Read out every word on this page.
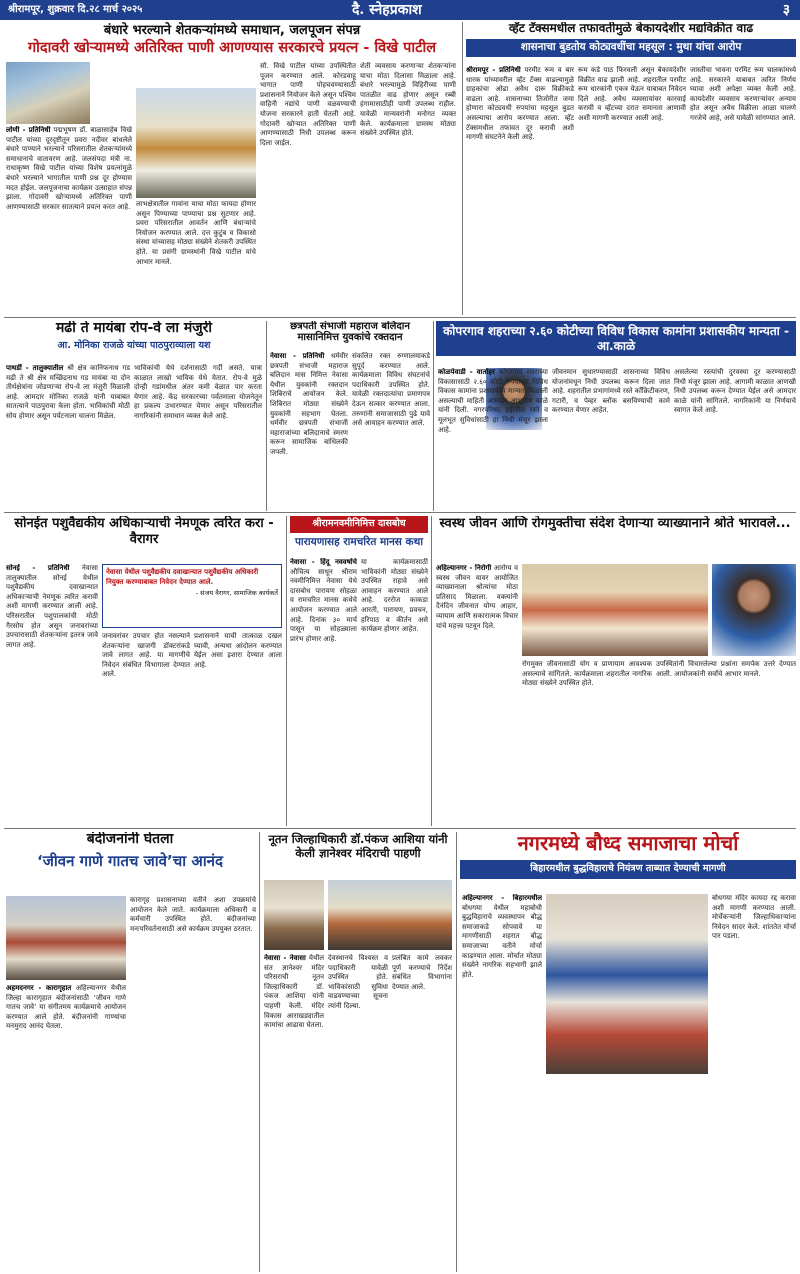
श्रीरामपूर, शुक्रवार दि.२८ मार्च २०२५	दै. स्नेहप्रकाश	३
बंधारे भरल्याने शेतकऱ्यांमध्ये समाधान, जलपूजन संपन्न
गोदावरी खोऱ्यामध्ये अतिरिक्त पाणी आणण्यास सरकारचे प्रयत्न - विखे पाटील
लोणी - प्रतिनिधी पद्मभूषण डॉ. बाळासाहेब विखे पाटील यांच्या दूरदृष्टीतून प्रवरा नदीवर बांधलेले बंधारे पाण्याने भरल्याने परिसरातील शेतकऱ्यांमध्ये समाधानाचे वातावरण आहे. जलसंपदा मंत्री ना. राधाकृष्ण विखे पाटील यांच्या विशेष प्रयत्नांमुळे बंधारे भरल्याने भागातील पाणी प्रश्न दूर होण्यास मदत होईल. जलपूजनाचा कार्यक्रम उत्साहात संपन्न झाला. गोदावरी खोऱ्यामध्ये अतिरिक्त पाणी आणण्यासाठी सरकार सातत्याने प्रयत्न करत आहे. लाभक्षेत्रातील गावांना याचा मोठा फायदा होणार असून पिण्याच्या पाण्याचा प्रश्न सुटणार आहे. प्रवरा परिसरातील आवर्तन आणि बंधाऱ्यांचे नियोजन करण्यात आले. दत्त कुटुंब व विकासो संस्था यांच्यासह मोठ्या संख्येने शेतकरी उपस्थित होते. या प्रसंगी ग्रामस्थांनी विखे पाटील यांचे आभार मानले.
सौ. विखे पाटील यांच्या उपस्थितीत पूजन करण्यात आले. कोरडवाहू भागात पाणी पोहचवण्यासाठी प्रशासनाने नियोजन केले असून पश्चिम वाहिनी नद्यांचे पाणी वळवण्याची योजना सरकारने हाती घेतली आहे. गोदावरी खोऱ्यात अतिरिक्त पाणी आणण्यासाठी निधी उपलब्ध करून दिला जाईल.
शेती व्यवसाय करणाऱ्या शेतकऱ्यांना याचा मोठा दिलासा मिळाला आहे. बंधारे भरल्यामुळे विहिरींच्या पाणी पातळीत वाढ होणार असून रब्बी हंगामासाठीही पाणी उपलब्ध राहील. यावेळी मान्यवरांनी मनोगत व्यक्त केले. कार्यक्रमाला ग्रामस्थ मोठ्या संख्येने उपस्थित होते.
व्हॅट टॅक्समधील तफावतीमुळे बेकायदेशीर मद्यविक्रीत वाढ
शासनाचा बुडतोय कोट्यवधींचा महसूल : मुथा यांचा आरोप
श्रीरामपूर - प्रतिनिधी परमीट रूम व बार धारक यांच्यावरील व्हॅट टॅक्स वाढल्यामुळे ग्राहकांचा ओढा अवैध दारू विक्रीकडे वाढला आहे. शासनाच्या तिजोरीत जमा होणारा कोट्यवधी रुपयांचा महसूल बुडत असल्याचा आरोप करण्यात आला. व्हॅट टॅक्समधील तफावत दूर करावी अशी मागणी संघटनेने केली आहे.
रूम कडे पाठ फिरवली असून बेकायदेशीर विक्रीत वाढ झाली आहे. शहरातील परमीट रूम धारकांनी एकत्र येऊन याबाबत निवेदन दिले आहे. अवैध व्यवसायांवर कारवाई करावी व व्हॅटच्या दरात समानता आणावी अशी मागणी करण्यात आली आहे.
जास्तीचा भावना परमिट रूम चालकांमध्ये आहे. सरकारने याबाबत त्वरित निर्णय घ्यावा अशी अपेक्षा व्यक्त केली आहे. कायदेशीर व्यवसाय करणाऱ्यांवर अन्याय होत असून अवैध विक्रीला आळा घालणे गरजेचे आहे, असे यावेळी सांगण्यात आले.
मढी ते मायंबा रोप-वे ला मंजुरी
आ. मोनिका राजळे यांच्या पाठपुराव्याला यश
पाथर्डी - तालुक्यातील श्री क्षेत्र कानिफनाथ गड मढी ते श्री क्षेत्र मच्छिंद्रनाथ गड मायंबा या दोन तीर्थक्षेत्रांना जोडणाऱ्या रोप-वे ला मंजुरी मिळाली आहे. आमदार मोनिका राजळे यांनी याबाबत सातत्याने पाठपुरावा केला होता. भाविकांची मोठी सोय होणार असून पर्यटनाला चालना मिळेल.
भाविकांची येथे दर्शनासाठी गर्दी असते. यात्रा काळात लाखो भाविक येथे येतात. रोप-वे मुळे दोन्ही गडांमधील अंतर कमी वेळात पार करता येणार आहे. केंद्र सरकारच्या पर्वतमाला योजनेतून हा प्रकल्प उभारण्यात येणार असून परिसरातील नागरिकांनी समाधान व्यक्त केले आहे.
छत्रपती संभाजी महाराज बलिदान मासानिमित्त युवकांचे रक्तदान
नेवासा - प्रतिनिधी धर्मवीर छत्रपती संभाजी महाराज बलिदान मास निमित्त नेवासा येथील युवकांनी रक्तदान शिबिराचे आयोजन केले. शिबिरात मोठ्या संख्येने युवकांनी सहभाग घेतला. धर्मवीर छत्रपती संभाजी महाराजांच्या बलिदानाचे स्मरण करून सामाजिक बांधिलकी जपली.
संकलित रक्त रुग्णालयाकडे सुपूर्द करण्यात आले. कार्यक्रमाला विविध संघटनांचे पदाधिकारी उपस्थित होते. यावेळी रक्तदात्यांचा प्रमाणपत्र देऊन सत्कार करण्यात आला. तरुणांनी समाजासाठी पुढे यावे असे आवाहन करण्यात आले.
कोपरगाव शहराच्या २.६० कोटीच्या विविध विकास कामांना प्रशासकीय मान्यता - आ.काळे
कोळपेवाडी - वार्ताहर कोपरगाव शहराच्या विकासासाठी २.६० कोटी रुपयांच्या विविध विकास कामांना प्रशासकीय मान्यता मिळाली असल्याची माहिती आमदार आशुतोष काळे यांनी दिली. नगरपरिषद हद्दीतील रस्ते व मूलभूत सुविधांसाठी हा निधी मंजूर झाला आहे.
जीवनमान सुधारण्यासाठी शासनाच्या विविध योजनांमधून निधी उपलब्ध करून दिला जात आहे. शहरातील प्रभागांमध्ये रस्ते काँक्रिटीकरण, गटारी, व पेव्हर ब्लॉक बसविण्याची कामे करण्यात येणार आहेत.
असलेल्या रस्त्यांची दुरवस्था दूर करण्यासाठी निधी मंजूर झाला आहे. आगामी काळात आणखी निधी उपलब्ध करून देण्यात येईल असे आमदार काळे यांनी सांगितले. नागरिकांनी या निर्णयाचे स्वागत केले आहे.
सोनईत पशुवैद्यकीय अधिकाऱ्याची नेमणूक त्वरित करा - वैरागर
सोनई - प्रतिनिधी नेवासा तालुक्यातील सोनई येथील पशुवैद्यकीय दवाखान्यात अधिकाऱ्याची नेमणूक त्वरित करावी अशी मागणी करण्यात आली आहे. परिसरातील पशुपालकांची मोठी गैरसोय होत असून जनावरांच्या उपचारासाठी शेतकऱ्यांना इतरत्र जावे लागत आहे.
नेवासा येथील पशुवैद्यकीय दवाखान्यात पशुवैद्यकीय अधिकारी नियुक्त करण्याबाबत निवेदन देण्यात आले.
- संजय वैरागर, सामाजिक कार्यकर्ते
जनावरांवर उपचार होत नसल्याने शेतकऱ्यांना खाजगी डॉक्टरांकडे जावे लागत आहे. या मागणीचे निवेदन संबंधित विभागाला देण्यात आले.
प्रशासनाने याची तात्काळ दखल घ्यावी, अन्यथा आंदोलन करण्यात येईल असा इशारा देण्यात आला आहे.
श्रीरामनवमीनिमित्त दासबोध
पारायणासह रामचरित मानस कथा
नेवासा - हिंदू नववर्षाचे औचित्य साधून श्रीराम नवमीनिमित्त नेवासा येथे दासबोध पारायण सोहळा व रामचरित मानस कथेचे आयोजन करण्यात आले आहे. दिनांक ३० मार्च पासून या सोहळ्याला प्रारंभ होणार आहे.
या कार्यक्रमासाठी भाविकांनी मोठ्या संख्येने उपस्थित राहावे असे आवाहन करण्यात आले आहे. दररोज काकडा आरती, पारायण, प्रवचन, हरिपाठ व कीर्तन असे कार्यक्रम होणार आहेत.
स्वस्थ जीवन आणि रोगमुक्तीचा संदेश देणाऱ्या व्याख्यानाने श्रोते भारावले...
अहिल्यानगर - निरोगी आरोग्य व स्वस्थ जीवन यावर आयोजित व्याख्यानाला श्रोत्यांचा मोठा प्रतिसाद मिळाला. वक्त्यांनी दैनंदिन जीवनात योग्य आहार, व्यायाम आणि सकारात्मक विचार यांचे महत्त्व पटवून दिले.
रोगमुक्त जीवनासाठी योग व प्राणायाम आवश्यक असल्याचे सांगितले. कार्यक्रमाला शहरातील नागरिक मोठ्या संख्येने उपस्थित होते.
उपस्थितांनी विचारलेल्या प्रश्नांना समर्पक उत्तरे देण्यात आली. आयोजकांनी सर्वांचे आभार मानले.
बंदीजनांनी घेतला
‘जीवन गाणे गातच जावे’चा आनंद
अहमदनगर - कारागृहात अहिल्यानगर येथील जिल्हा कारागृहात बंदीजनांसाठी ‘जीवन गाणे गातच जावे’ या संगीतमय कार्यक्रमाचे आयोजन करण्यात आले होते. बंदीजनांनी गाण्यांचा मनमुराद आनंद घेतला.
कारागृह प्रशासनाच्या वतीने अशा उपक्रमांचे आयोजन केले जाते. कार्यक्रमाला अधिकारी व कर्मचारी उपस्थित होते. बंदीजनांच्या मनःपरिवर्तनासाठी असे कार्यक्रम उपयुक्त ठरतात.
नूतन जिल्हाधिकारी डॉ.पंकज आशिया यांनी केली ज्ञानेश्वर मंदिराची पाहणी
नेवासा - नेवासा येथील संत ज्ञानेश्वर मंदिर परिसराची नूतन जिल्हाधिकारी डॉ. पंकज आशिया यांनी पाहणी केली. मंदिर विकास आराखड्यातील कामांचा आढावा घेतला.
देवस्थानचे विश्वस्त व पदाधिकारी यावेळी उपस्थित होते. भाविकांसाठी सुविधा वाढवण्याच्या सूचना त्यांनी दिल्या.
प्रलंबित कामे लवकर पूर्ण करण्याचे निर्देश संबंधित विभागांना देण्यात आले.
नगरमध्ये बौध्द समाजाचा मोर्चा
बिहारमधील बुद्धविहाराचे नियंत्रण ताब्यात देण्याची मागणी
अहिल्यानगर - बिहारमधील बोधगया येथील महाबोधी बुद्धविहाराचे व्यवस्थापन बौद्ध समाजाकडे सोपवावे या मागणीसाठी शहरात बौद्ध समाजाच्या वतीने मोर्चा काढण्यात आला. मोर्चात मोठ्या संख्येने नागरिक सहभागी झाले होते.
बोधगया मंदिर कायदा रद्द करावा अशी मागणी करण्यात आली. मोर्चेकऱ्यांनी जिल्हाधिकाऱ्यांना निवेदन सादर केले. शांततेत मोर्चा पार पडला.
